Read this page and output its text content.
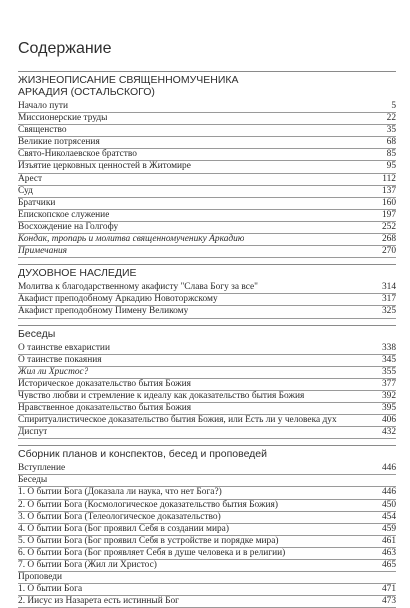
Содержание
ЖИЗНЕОПИСАНИЕ СВЯЩЕННОМУЧЕНИКА
АРКАДИЯ (ОСТАЛЬСКОГО)
Начало пути	5
Миссионерские труды	22
Священство	35
Великие потрясения	68
Свято-Николаевское братство	85
Изъятие церковных ценностей в Житомире	95
Арест	112
Суд	137
Братчики	160
Епископское служение	197
Восхождение на Голгофу	252
Кондак, тропарь и молитва священномученику Аркадию	268
Примечания	270
ДУХОВНОЕ НАСЛЕДИЕ
Молитва к благодарственному акафисту "Слава Богу за все"	314
Акафист преподобному Аркадию Новоторжскому	317
Акафист преподобному Пимену Великому	325
Беседы
О таинстве евхаристии	338
О таинстве покаяния	345
Жил ли Христос?	355
Историческое доказательство бытия Божия	377
Чувство любви и стремление к идеалу как доказательство бытия Божия	392
Нравственное доказательство бытия Божия	395
Спиритуалистическое доказательство бытия Божия, или Есть ли у человека дух	406
Диспут	432
Сборник планов и конспектов, бесед и проповедей
Вступление	446
Беседы
1. О бытии Бога (Доказала ли наука, что нет Бога?)	446
2. О бытии Бога (Космологическое доказательство бытия Божия)	450
3. О бытии Бога (Телеологическое доказательство)	454
4. О бытии Бога (Бог проявил Себя в создании мира)	459
5. О бытии Бога (Бог проявил Себя в устройстве и порядке мира)	461
6. О бытии Бога (Бог проявляет Себя в душе человека и в религии)	463
7. О бытии Бога (Жил ли Христос)	465
Проповеди
1. О бытии Бога	471
2. Иисус из Назарета есть истинный Бог	473
